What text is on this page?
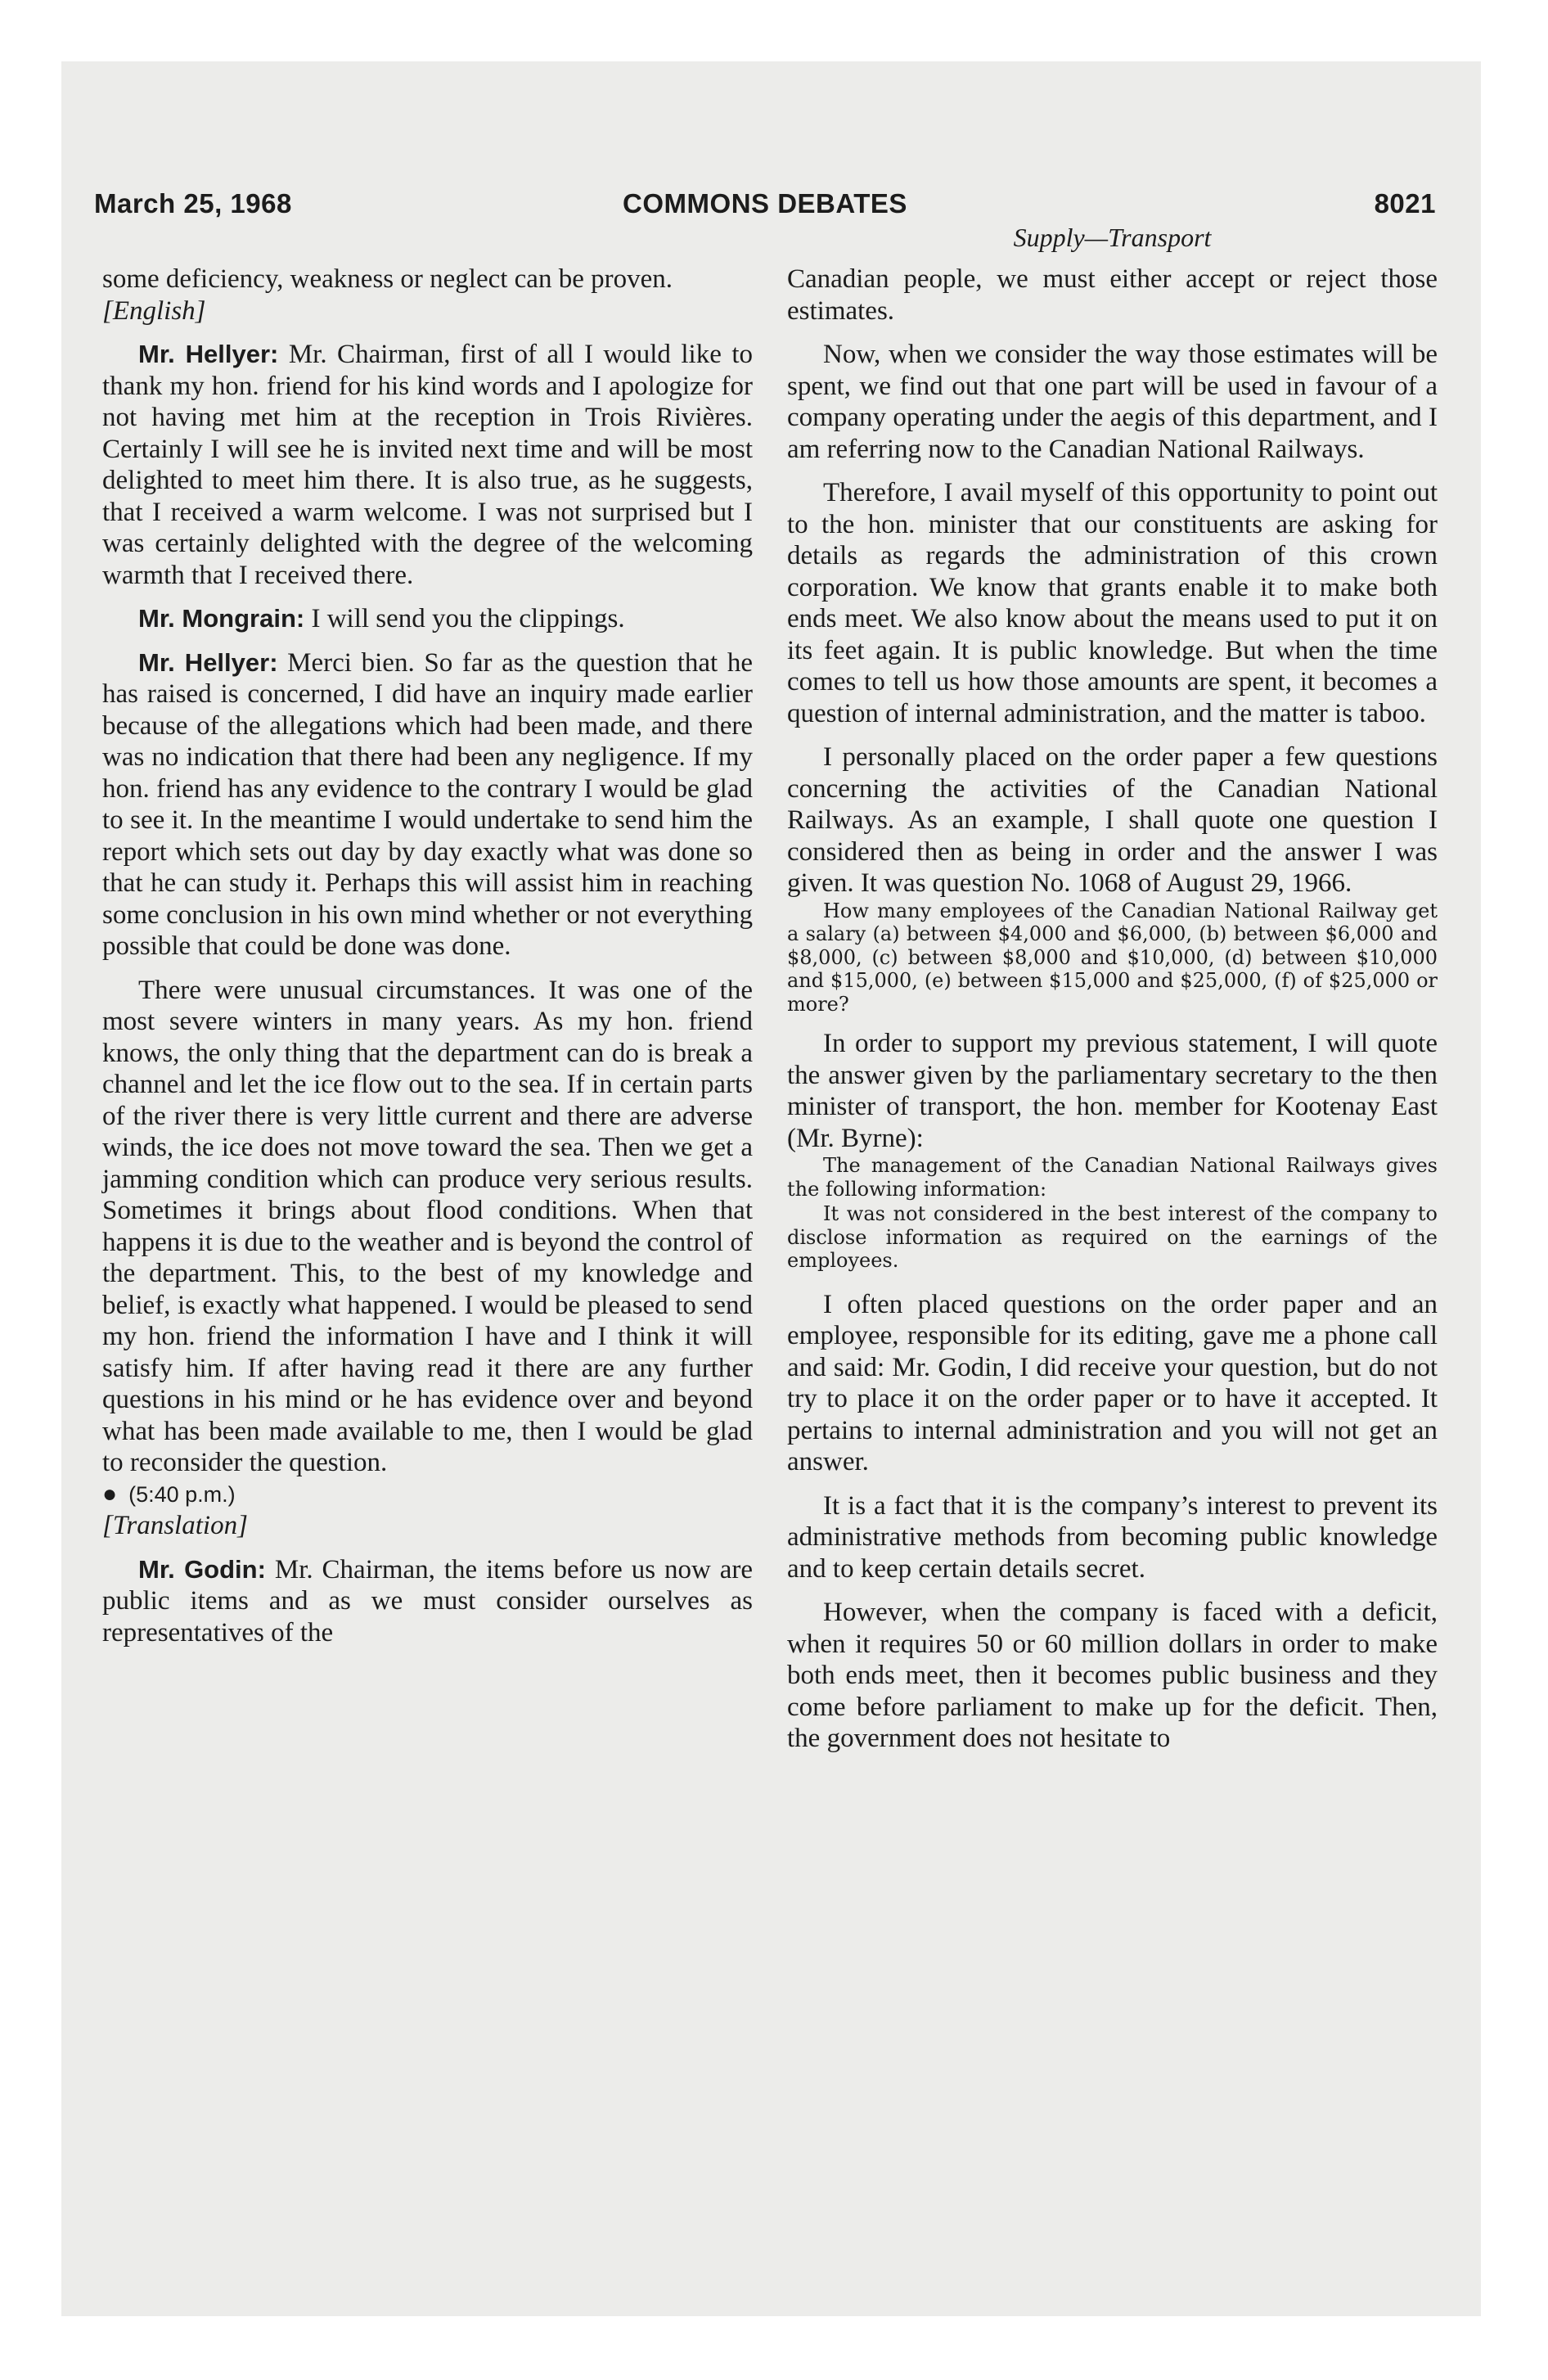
March 25, 1968	COMMONS DEBATES	8021
Supply—Transport

some deficiency, weakness or neglect can be proven.

[English]

Mr. Hellyer: Mr. Chairman, first of all I would like to thank my hon. friend for his kind words and I apologize for not having met him at the reception in Trois Rivières. Certainly I will see he is invited next time and will be most delighted to meet him there. It is also true, as he suggests, that I received a warm welcome. I was not surprised but I was certainly delighted with the degree of the welcoming warmth that I received there.

Mr. Mongrain: I will send you the clippings.

Mr. Hellyer: Merci bien. So far as the question that he has raised is concerned, I did have an inquiry made earlier because of the allegations which had been made, and there was no indication that there had been any negligence. If my hon. friend has any evidence to the contrary I would be glad to see it. In the meantime I would undertake to send him the report which sets out day by day exactly what was done so that he can study it. Perhaps this will assist him in reaching some conclusion in his own mind whether or not everything possible that could be done was done.

There were unusual circumstances. It was one of the most severe winters in many years. As my hon. friend knows, the only thing that the department can do is break a channel and let the ice flow out to the sea. If in certain parts of the river there is very little current and there are adverse winds, the ice does not move toward the sea. Then we get a jamming condition which can produce very serious results. Sometimes it brings about flood conditions. When that happens it is due to the weather and is beyond the control of the department. This, to the best of my knowledge and belief, is exactly what happened. I would be pleased to send my hon. friend the information I have and I think it will satisfy him. If after having read it there are any further questions in his mind or he has evidence over and beyond what has been made available to me, then I would be glad to reconsider the question.

● (5:40 p.m.)

[Translation]

Mr. Godin: Mr. Chairman, the items before us now are public items and as we must consider ourselves as representatives of the

Canadian people, we must either accept or reject those estimates.

Now, when we consider the way those estimates will be spent, we find out that one part will be used in favour of a company operating under the aegis of this department, and I am referring now to the Canadian National Railways.

Therefore, I avail myself of this opportunity to point out to the hon. minister that our constituents are asking for details as regards the administration of this crown corporation. We know that grants enable it to make both ends meet. We also know about the means used to put it on its feet again. It is public knowledge. But when the time comes to tell us how those amounts are spent, it becomes a question of internal administration, and the matter is taboo.

I personally placed on the order paper a few questions concerning the activities of the Canadian National Railways. As an example, I shall quote one question I considered then as being in order and the answer I was given. It was question No. 1068 of August 29, 1966.

How many employees of the Canadian National Railway get a salary (a) between $4,000 and $6,000, (b) between $6,000 and $8,000, (c) between $8,000 and $10,000, (d) between $10,000 and $15,000, (e) between $15,000 and $25,000, (f) of $25,000 or more?

In order to support my previous statement, I will quote the answer given by the parliamentary secretary to the then minister of transport, the hon. member for Kootenay East (Mr. Byrne):

The management of the Canadian National Railways gives the following information:

It was not considered in the best interest of the company to disclose information as required on the earnings of the employees.

I often placed questions on the order paper and an employee, responsible for its editing, gave me a phone call and said: Mr. Godin, I did receive your question, but do not try to place it on the order paper or to have it accepted. It pertains to internal administration and you will not get an answer.

It is a fact that it is the company’s interest to prevent its administrative methods from becoming public knowledge and to keep certain details secret.

However, when the company is faced with a deficit, when it requires 50 or 60 million dollars in order to make both ends meet, then it becomes public business and they come before parliament to make up for the deficit. Then, the government does not hesitate to
